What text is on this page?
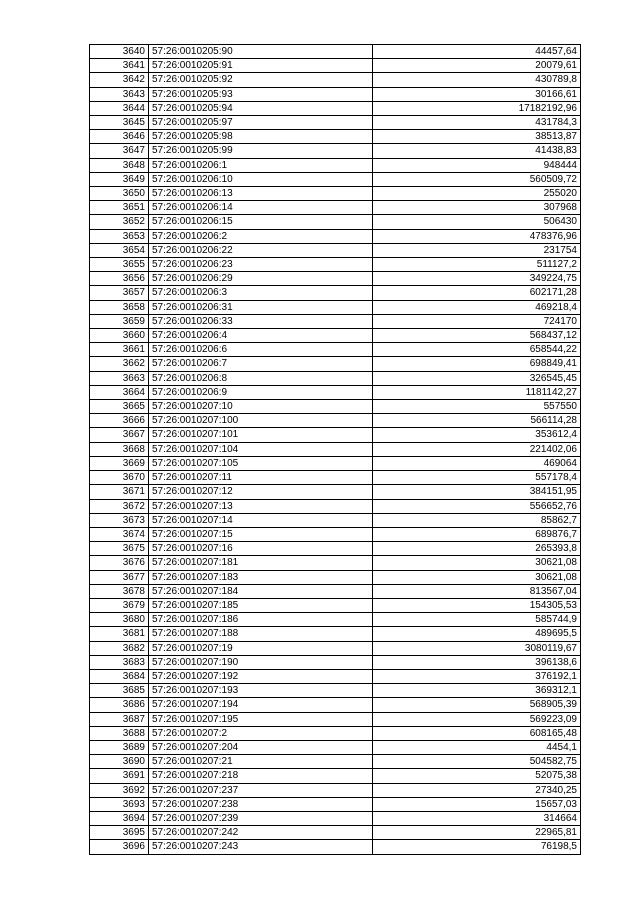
3640	57:26:0010205:90	44457,64
3641	57:26:0010205:91	20079,61
3642	57:26:0010205:92	430789,8
3643	57:26:0010205:93	30166,61
3644	57:26:0010205:94	17182192,96
3645	57:26:0010205:97	431784,3
3646	57:26:0010205:98	38513,87
3647	57:26:0010205:99	41438,83
3648	57:26:0010206:1	948444
3649	57:26:0010206:10	560509,72
3650	57:26:0010206:13	255020
3651	57:26:0010206:14	307968
3652	57:26:0010206:15	506430
3653	57:26:0010206:2	478376,96
3654	57:26:0010206:22	231754
3655	57:26:0010206:23	511127,2
3656	57:26:0010206:29	349224,75
3657	57:26:0010206:3	602171,28
3658	57:26:0010206:31	469218,4
3659	57:26:0010206:33	724170
3660	57:26:0010206:4	568437,12
3661	57:26:0010206:6	658544,22
3662	57:26:0010206:7	698849,41
3663	57:26:0010206:8	326545,45
3664	57:26:0010206:9	1181142,27
3665	57:26:0010207:10	557550
3666	57:26:0010207:100	566114,28
3667	57:26:0010207:101	353612,4
3668	57:26:0010207:104	221402,06
3669	57:26:0010207:105	469064
3670	57:26:0010207:11	557178,4
3671	57:26:0010207:12	384151,95
3672	57:26:0010207:13	556652,76
3673	57:26:0010207:14	85862,7
3674	57:26:0010207:15	689876,7
3675	57:26:0010207:16	265393,8
3676	57:26:0010207:181	30621,08
3677	57:26:0010207:183	30621,08
3678	57:26:0010207:184	813567,04
3679	57:26:0010207:185	154305,53
3680	57:26:0010207:186	585744,9
3681	57:26:0010207:188	489695,5
3682	57:26:0010207:19	3080119,67
3683	57:26:0010207:190	396138,6
3684	57:26:0010207:192	376192,1
3685	57:26:0010207:193	369312,1
3686	57:26:0010207:194	568905,39
3687	57:26:0010207:195	569223,09
3688	57:26:0010207:2	608165,48
3689	57:26:0010207:204	4454,1
3690	57:26:0010207:21	504582,75
3691	57:26:0010207:218	52075,38
3692	57:26:0010207:237	27340,25
3693	57:26:0010207:238	15657,03
3694	57:26:0010207:239	314664
3695	57:26:0010207:242	22965,81
3696	57:26:0010207:243	76198,5
